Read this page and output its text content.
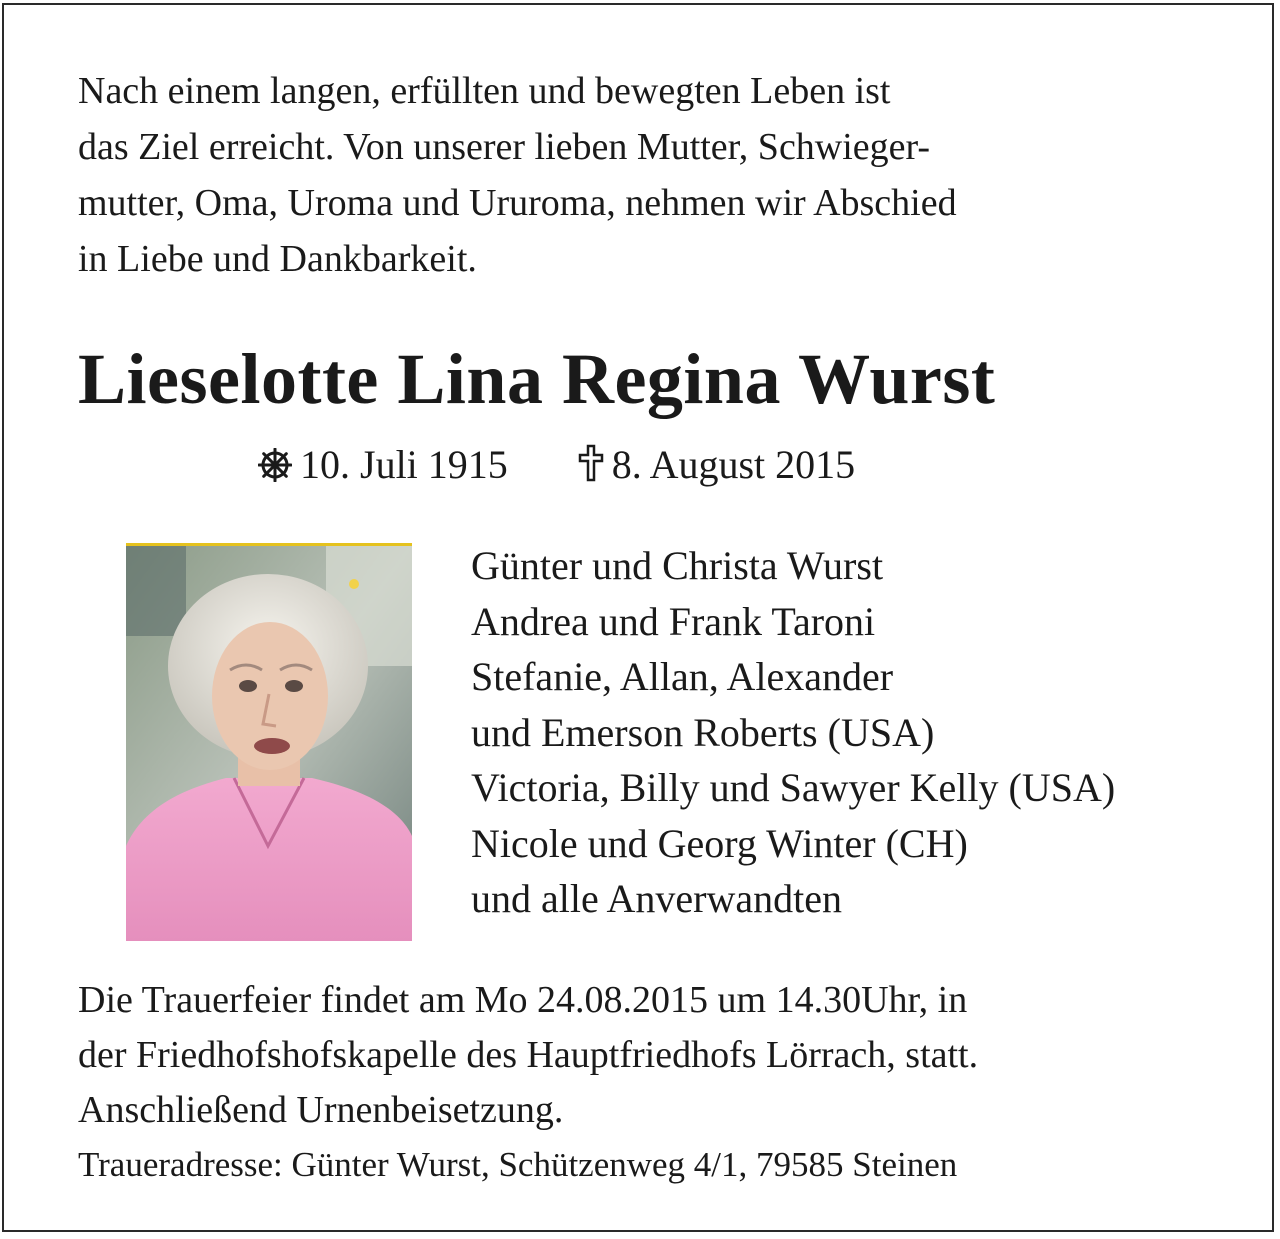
Nach einem langen, erfüllten und bewegten Leben ist
das Ziel erreicht. Von unserer lieben Mutter, Schwieger-
mutter, Oma, Uroma und Ururoma, nehmen wir Abschied
in Liebe und Dankbarkeit.
Lieselotte Lina Regina Wurst
10. Juli 1915	8. August 2015
Günter und Christa Wurst
Andrea und Frank Taroni
Stefanie, Allan, Alexander
und Emerson Roberts (USA)
Victoria, Billy und Sawyer Kelly (USA)
Nicole und Georg Winter (CH)
und alle Anverwandten
Die Trauerfeier findet am Mo 24.08.2015 um 14.30Uhr, in
der Friedhofshofskapelle des Hauptfriedhofs Lörrach, statt.
Anschließend Urnenbeisetzung.
Traueradresse: Günter Wurst, Schützenweg 4/1, 79585 Steinen
